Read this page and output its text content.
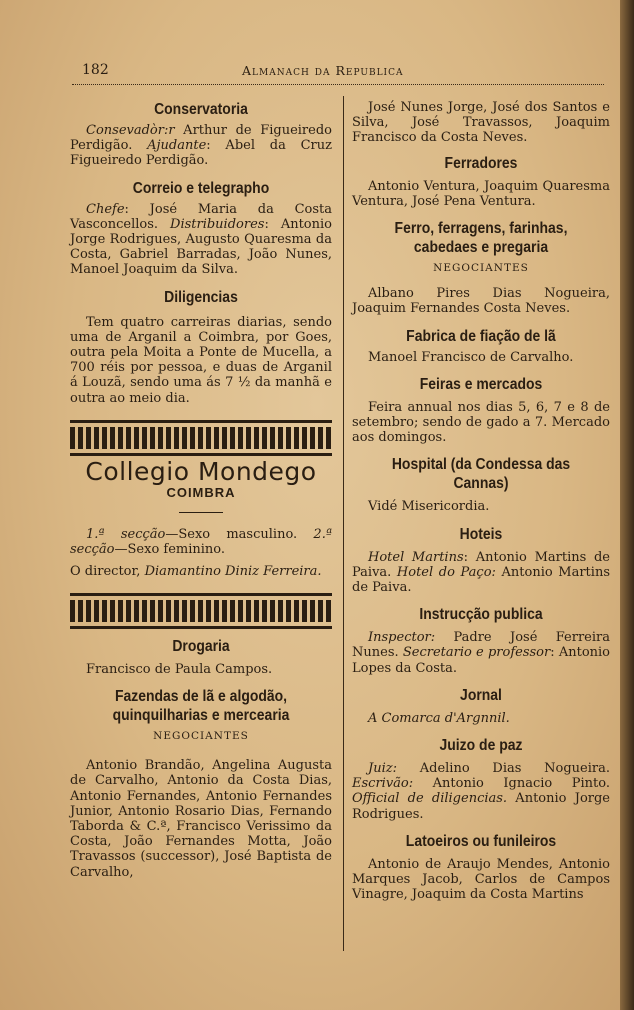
182	Almanach da Republica
Conservatoria

Consevadòr:r Arthur de Figueiredo Perdigão. Ajudante: Abel da Cruz Figueiredo Perdigão.

Correio e telegrapho

Chefe: José Maria da Costa Vasconcellos. Distribuidores: Antonio Jorge Rodrigues, Augusto Quaresma da Costa, Gabriel Barradas, João Nunes, Manoel Joaquim da Silva.

Diligencias

Tem quatro carreiras diarias, sendo uma de Arganil a Coimbra, por Goes, outra pela Moita a Ponte de Mucella, a 700 réis por pessoa, e duas de Arganil á Louzã, sendo uma ás 7 ½ da manhã e outra ao meio dia.

Collegio Mondego
COIMBRA

1.ª secção—Sexo masculino. 2.ª secção—Sexo feminino.

O director, Diamantino Diniz Ferreira.

Drogaria

Francisco de Paula Campos.

Fazendas de lã e algodão, quinquilharias e mercearia
NEGOCIANTES

Antonio Brandão, Angelina Augusta de Carvalho, Antonio da Costa Dias, Antonio Fernandes, Antonio Fernandes Junior, Antonio Rosario Dias, Fernando Taborda & C.ª, Francisco Verissimo da Costa, João Fernandes Motta, João Travassos (successor), José Baptista de Carvalho,

José Nunes Jorge, José dos Santos e Silva, José Travassos, Joaquim Francisco da Costa Neves.

Ferradores

Antonio Ventura, Joaquim Quaresma Ventura, José Pena Ventura.

Ferro, ferragens, farinhas, cabedaes e pregaria
NEGOCIANTES

Albano Pires Dias Nogueira, Joaquim Fernandes Costa Neves.

Fabrica de fiação de lã

Manoel Francisco de Carvalho.

Feiras e mercados

Feira annual nos dias 5, 6, 7 e 8 de setembro; sendo de gado a 7. Mercado aos domingos.

Hospital (da Condessa das Cannas)

Vidé Misericordia.

Hoteis

Hotel Martins: Antonio Martins de Paiva. Hotel do Paço: Antonio Martins de Paiva.

Instrucção publica

Inspector: Padre José Ferreira Nunes. Secretario e professor: Antonio Lopes da Costa.

Jornal

A Comarca d'Argnnil.

Juizo de paz

Juiz: Adelino Dias Nogueira. Escrivão: Antonio Ignacio Pinto. Official de diligencias. Antonio Jorge Rodrigues.

Latoeiros ou funileiros

Antonio de Araujo Mendes, Antonio Marques Jacob, Carlos de Campos Vinagre, Joaquim da Costa Martins
